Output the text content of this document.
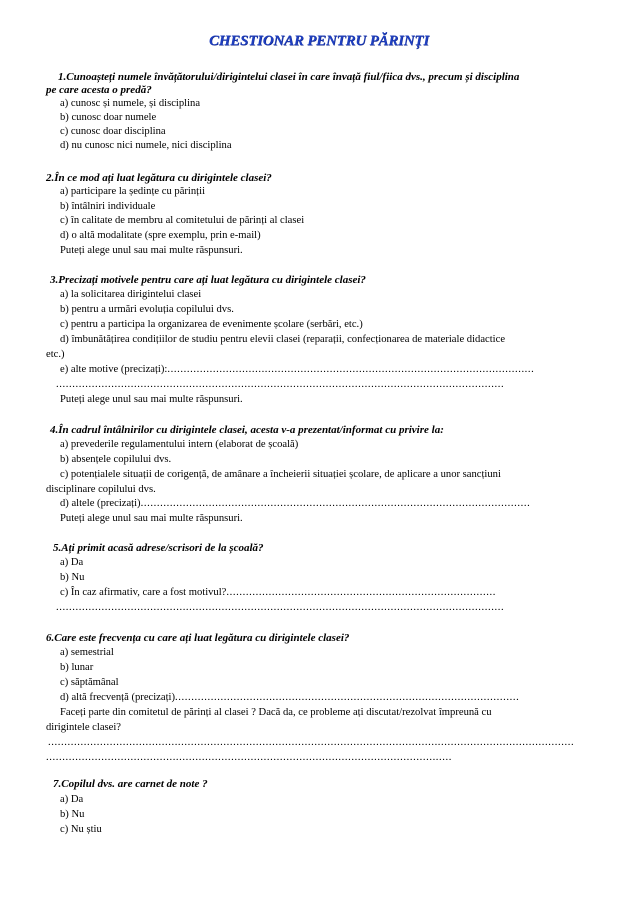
CHESTIONAR PENTRU PĂRINȚI
1.Cunoașteți numele învățătorului/dirigintelui clasei în care învață fiul/fiica dvs., precum și disciplina
pe care acesta o predă?
a) cunosc și numele, și disciplina
b) cunosc doar numele
c) cunosc doar disciplina
d) nu cunosc nici numele, nici disciplina
2.În ce mod ați luat legătura cu dirigintele clasei?
a) participare la ședințe cu părinții
b) întâlniri individuale
c) în calitate de membru al comitetului de părinți al clasei
d) o altă modalitate (spre exemplu, prin e-mail)
Puteți alege unul sau mai multe răspunsuri.
3.Precizați motivele pentru care ați luat legătura cu dirigintele clasei?
a) la solicitarea dirigintelui clasei
b) pentru a urmări evoluția copilului dvs.
c) pentru a participa la organizarea de evenimente școlare (serbări, etc.)
d) îmbunătățirea condițiilor de studiu pentru elevii clasei (reparații, confecționarea de materiale didactice
etc.)
e) alte motive (precizați):.................................................................................................................
..........................................................................................................................................
Puteți alege unul sau mai multe răspunsuri.
4.În cadrul întâlnirilor cu dirigintele clasei, acesta v-a prezentat/informat cu privire la:
a) prevederile regulamentului intern (elaborat de școală)
b) absențele copilului dvs.
c) potențialele situații de corigență, de amânare a încheierii situației școlare, de aplicare a unor sancțiuni
disciplinare copilului dvs.
d) altele (precizați)........................................................................................................................
Puteți alege unul sau mai multe răspunsuri.
5.Ați primit acasă adrese/scrisori de la școală?
a) Da
b) Nu
c) În caz afirmativ, care a fost motivul?...................................................................................
..........................................................................................................................................
6.Care este frecvența cu care ați luat legătura cu dirigintele clasei?
a) semestrial
b) lunar
c) săptămânal
d) altă frecvență (precizați)..........................................................................................................
Faceți parte din comitetul de părinți al clasei ? Dacă da, ce probleme ați discutat/rezolvat împreună cu
dirigintele clasei?
..................................................................................................................................................................
.............................................................................................................................
7.Copilul dvs. are carnet de note ?
a) Da
b) Nu
c) Nu știu
